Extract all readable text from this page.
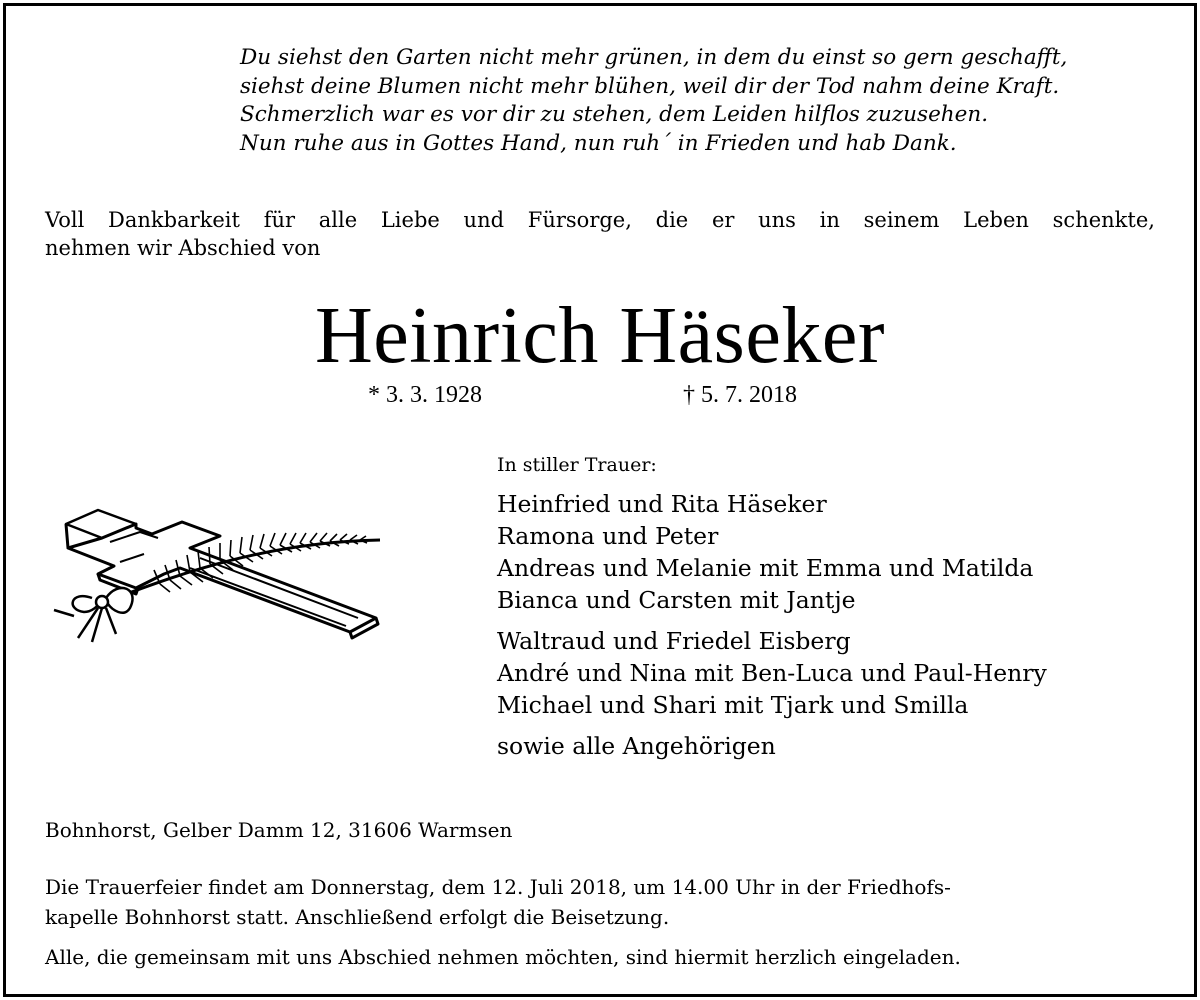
Du siehst den Garten nicht mehr grünen, in dem du einst so gern geschafft,
siehst deine Blumen nicht mehr blühen, weil dir der Tod nahm deine Kraft.
Schmerzlich war es vor dir zu stehen, dem Leiden hilflos zuzusehen.
Nun ruhe aus in Gottes Hand, nun ruh´ in Frieden und hab Dank.
Voll Dankbarkeit für alle Liebe und Fürsorge, die er uns in seinem Leben schenkte,
nehmen wir Abschied von
Heinrich Häseker
* 3. 3. 1928	† 5. 7. 2018
In stiller Trauer:
Heinfried und Rita Häseker
Ramona und Peter
Andreas und Melanie mit Emma und Matilda
Bianca und Carsten mit Jantje
Waltraud und Friedel Eisberg
André und Nina mit Ben-Luca und Paul-Henry
Michael und Shari mit Tjark und Smilla
sowie alle Angehörigen
Bohnhorst, Gelber Damm 12, 31606 Warmsen
Die Trauerfeier findet am Donnerstag, dem 12. Juli 2018, um 14.00 Uhr in der Friedhofs-
kapelle Bohnhorst statt. Anschließend erfolgt die Beisetzung.
Alle, die gemeinsam mit uns Abschied nehmen möchten, sind hiermit herzlich eingeladen.
